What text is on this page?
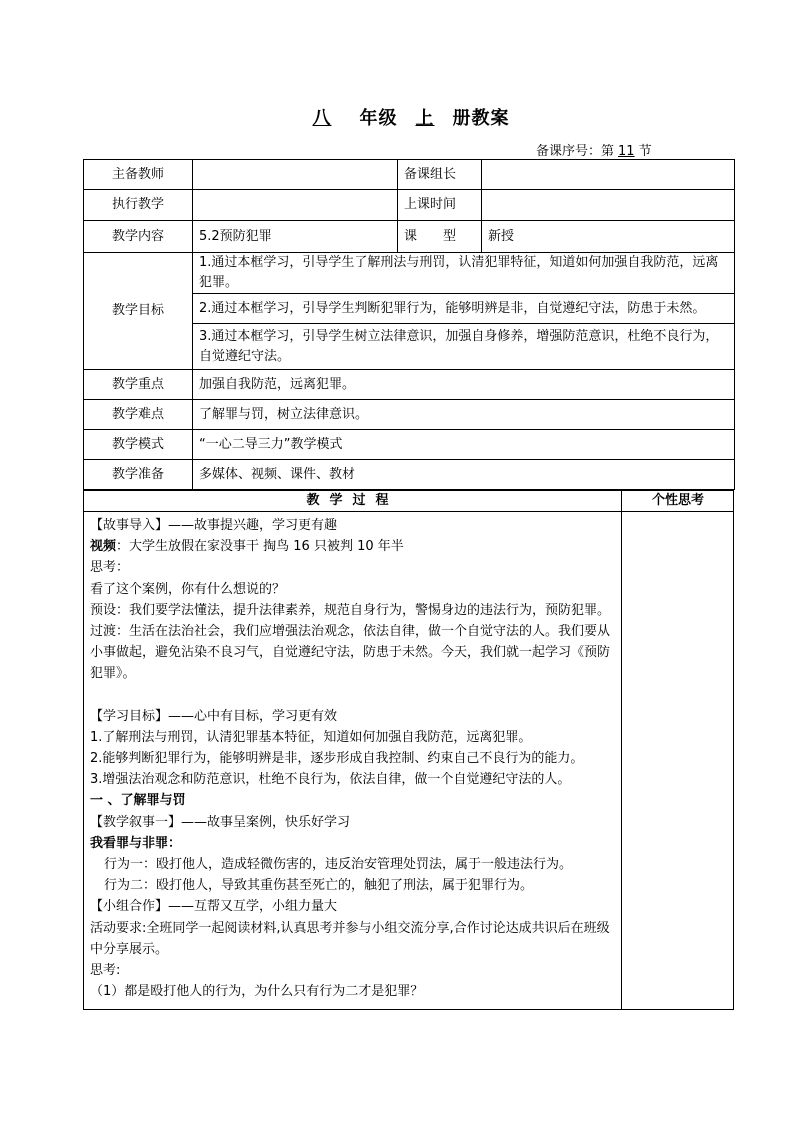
八 年级 上 册教案
备课序号：第 11 节
主备教师		备课组长	
执行教学		上课时间	
教学内容	5.2预防犯罪	课　　型	新授
教学目标	1.通过本框学习，引导学生了解刑法与刑罚，认清犯罪特征，知道如何加强自我防范，远离犯罪。		
	2.通过本框学习，引导学生判断犯罪行为，能够明辨是非，自觉遵纪守法，防患于未然。		
	3.通过本框学习，引导学生树立法律意识，加强自身修养，增强防范意识，杜绝不良行为，自觉遵纪守法。		
教学重点	加强自我防范，远离犯罪。		
教学难点	了解罪与罚，树立法律意识。		
教学模式	“一心二导三力”教学模式		
教学准备	多媒体、视频、课件、教材		
教学过程	个性思考

【故事导入】——故事提兴趣，学习更有趣

视频：大学生放假在家没事干 掏鸟 16 只被判 10 年半

思考：

看了这个案例，你有什么想说的？

预设：我们要学法懂法，提升法律素养，规范自身行为，警惕身边的违法行为，预防犯罪。

过渡：生活在法治社会，我们应增强法治观念，依法自律，做一个自觉守法的人。我们要从小事做起，避免沾染不良习气，自觉遵纪守法，防患于未然。今天，我们就一起学习《预防犯罪》。

【学习目标】——心中有目标，学习更有效

1.了解刑法与刑罚，认清犯罪基本特征，知道如何加强自我防范，远离犯罪。

2.能够判断犯罪行为，能够明辨是非，逐步形成自我控制、约束自己不良行为的能力。

3.增强法治观念和防范意识，杜绝不良行为，依法自律，做一个自觉遵纪守法的人。

一 、了解罪与罚

【教学叙事一】——故事呈案例，快乐好学习

我看罪与非罪：

行为一：殴打他人，造成轻微伤害的，违反治安管理处罚法，属于一般违法行为。

行为二：殴打他人，导致其重伤甚至死亡的，触犯了刑法，属于犯罪行为。

【小组合作】——互帮又互学，小组力量大

活动要求:全班同学一起阅读材料,认真思考并参与小组交流分享,合作讨论达成共识后在班级中分享展示。

思考:

（1）都是殴打他人的行为，为什么只有行为二才是犯罪？
